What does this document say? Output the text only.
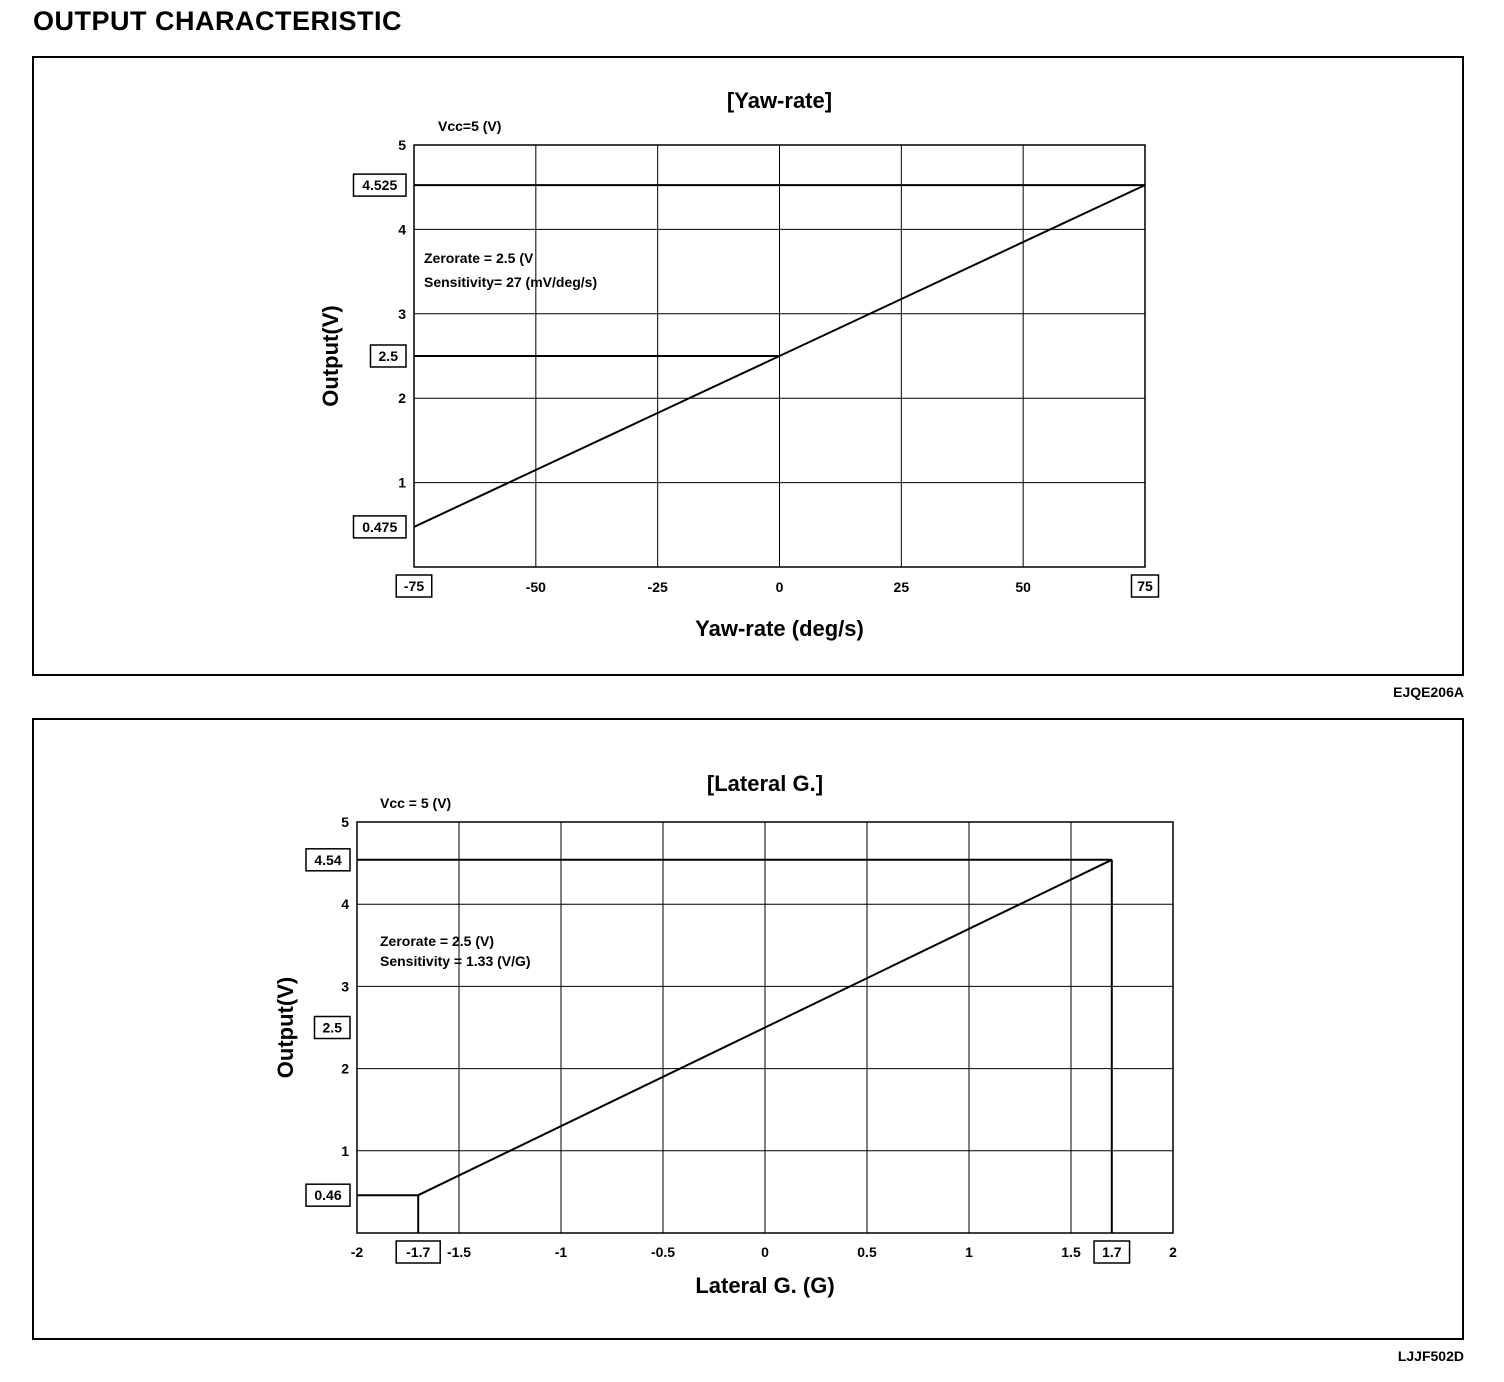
OUTPUT CHARACTERISTIC
EJQE206A
LJJF502D
[Yaw-rate]
1
2
3
4
5
0.475
2.5
4.525
-75	-50	-25	0	25	50	75
Yaw-rate (deg/s)
Output(V)
Vcc=5 (V)
Zerorate = 2.5 (V
Sensitivity= 27 (mV/deg/s)
[Lateral G.]
1
2
3
4
5
0.46
2.5
4.54
-2	-1.5	-1	-0.5	0	0.5	1	1.5	2
-1.7	1.7
Lateral G. (G)
Output(V)
Vcc = 5 (V)
Zerorate = 2.5 (V)
Sensitivity = 1.33 (V/G)
